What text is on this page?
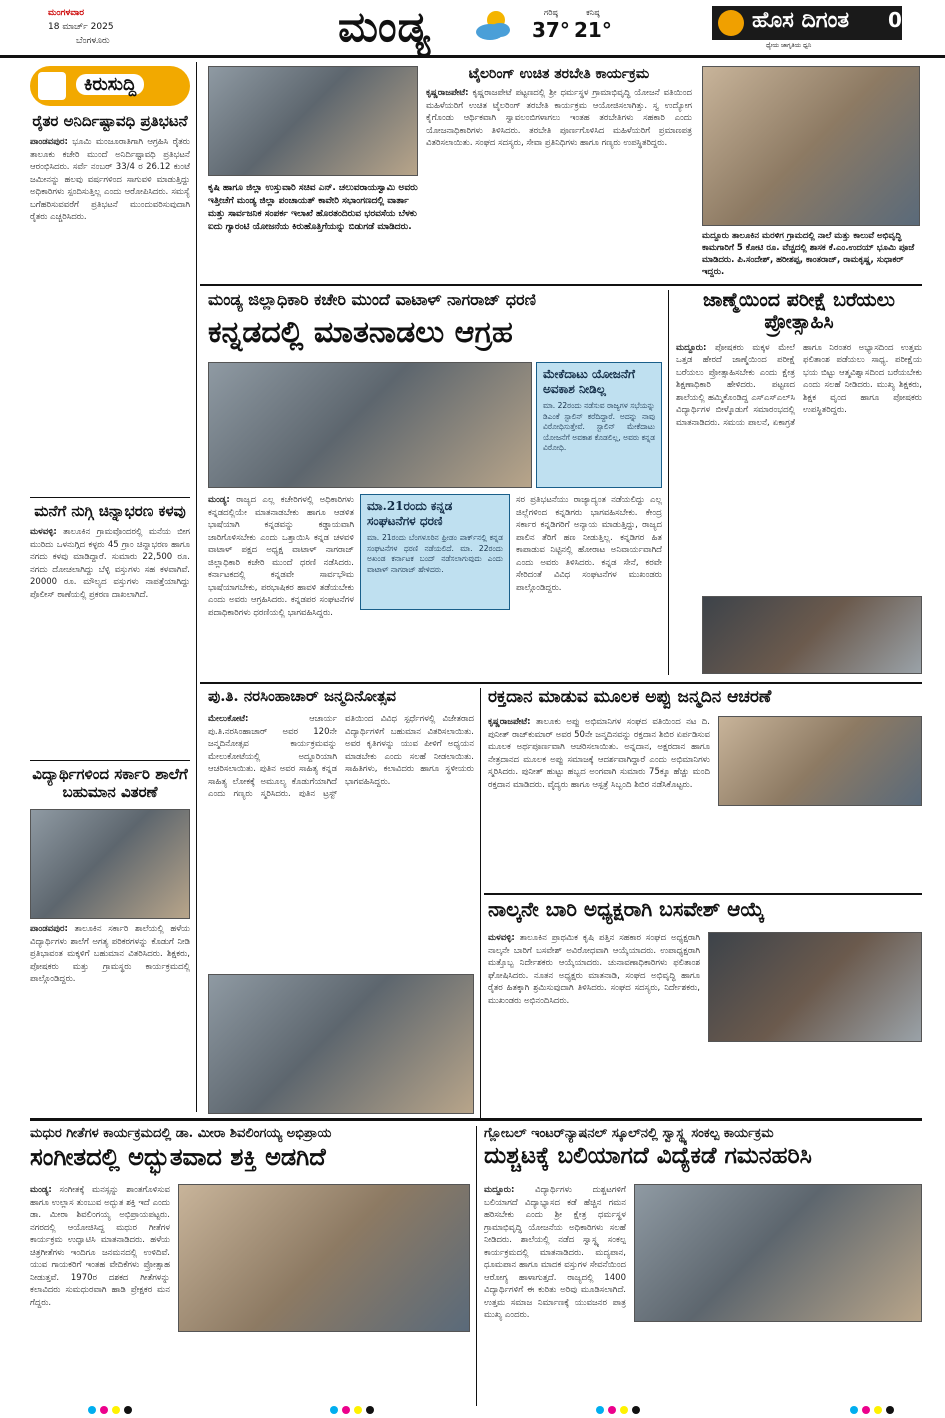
ಮಂಗಳವಾರ
18 ಮಾರ್ಚ್ 2025
ಬೆಂಗಳೂರು	ಮಂಡ್ಯ	ಗರಿಷ್ಠ
37°
ಕನಿಷ್ಠ
21°	ಹೊಸ ದಿಗಂತ	02
ಧ್ಯೇಯ ಜಾಗೃತಿಯ ಧ್ವನಿ
ಕಿರುಸುದ್ದಿ
ರೈತರ ಅನಿರ್ದಿಷ್ಟಾವಧಿ ಪ್ರತಿಭಟನೆ
ಪಾಂಡವಪುರ: ಭೂಮಿ ಮಂಜೂರಾತಿಗಾಗಿ ಆಗ್ರಹಿಸಿ ರೈತರು ತಾಲೂಕು ಕಚೇರಿ ಮುಂದೆ ಅನಿರ್ದಿಷ್ಟಾವಧಿ ಪ್ರತಿಭಟನೆ ಆರಂಭಿಸಿದರು. ಸರ್ವೆ ನಂಬರ್ 33/4 ರ 26.12 ಕುಂಟೆ ಜಮೀನನ್ನು ಹಲವು ವರ್ಷಗಳಿಂದ ಸಾಗುವಳಿ ಮಾಡುತ್ತಿದ್ದು ಅಧಿಕಾರಿಗಳು ಸ್ಪಂದಿಸುತ್ತಿಲ್ಲ ಎಂದು ಆರೋಪಿಸಿದರು. ಸಮಸ್ಯೆ ಬಗೆಹರಿಸುವವರೆಗೆ ಪ್ರತಿಭಟನೆ ಮುಂದುವರಿಸುವುದಾಗಿ ರೈತರು ಎಚ್ಚರಿಸಿದರು.
ಮನೆಗೆ ನುಗ್ಗಿ ಚಿನ್ನಾಭರಣ ಕಳವು
ಮಳವಳ್ಳಿ: ತಾಲೂಕಿನ ಗ್ರಾಮವೊಂದರಲ್ಲಿ ಮನೆಯ ಬೀಗ ಮುರಿದು ಒಳನುಗ್ಗಿದ ಕಳ್ಳರು 45 ಗ್ರಾಂ ಚಿನ್ನಾಭರಣ ಹಾಗೂ ನಗದು ಕಳವು ಮಾಡಿದ್ದಾರೆ. ಸುಮಾರು 22,500 ರೂ. ನಗದು ದೋಚಲಾಗಿದ್ದು ಬೆಳ್ಳಿ ವಸ್ತುಗಳು ಸಹ ಕಳವಾಗಿವೆ. 20000 ರೂ. ಮೌಲ್ಯದ ವಸ್ತುಗಳು ನಾಪತ್ತೆಯಾಗಿದ್ದು ಪೊಲೀಸ್ ಠಾಣೆಯಲ್ಲಿ ಪ್ರಕರಣ ದಾಖಲಾಗಿದೆ.
ವಿದ್ಯಾರ್ಥಿಗಳಿಂದ ಸರ್ಕಾರಿ ಶಾಲೆಗೆ ಬಹುಮಾನ ವಿತರಣೆ
ಪಾಂಡವಪುರ: ತಾಲೂಕಿನ ಸರ್ಕಾರಿ ಶಾಲೆಯಲ್ಲಿ ಹಳೆಯ ವಿದ್ಯಾರ್ಥಿಗಳು ಶಾಲೆಗೆ ಅಗತ್ಯ ಪರಿಕರಗಳನ್ನು ಕೊಡುಗೆ ನೀಡಿ ಪ್ರತಿಭಾವಂತ ಮಕ್ಕಳಿಗೆ ಬಹುಮಾನ ವಿತರಿಸಿದರು. ಶಿಕ್ಷಕರು, ಪೋಷಕರು ಮತ್ತು ಗ್ರಾಮಸ್ಥರು ಕಾರ್ಯಕ್ರಮದಲ್ಲಿ ಪಾಲ್ಗೊಂಡಿದ್ದರು.
ಕೃಷಿ ಹಾಗೂ ಜಿಲ್ಲಾ ಉಸ್ತುವಾರಿ ಸಚಿವ ಎನ್. ಚಲುವರಾಯಸ್ವಾಮಿ ಅವರು ಇತ್ತೀಚೆಗೆ ಮಂಡ್ಯ ಜಿಲ್ಲಾ ಪಂಚಾಯತ್ ಕಾವೇರಿ ಸಭಾಂಗಣದಲ್ಲಿ ವಾರ್ತಾ ಮತ್ತು ಸಾರ್ವಜನಿಕ ಸಂಪರ್ಕ ಇಲಾಖೆ ಹೊರತಂದಿರುವ ಭರವಸೆಯ ಬೆಳಕು ಐದು ಗ್ಯಾರಂಟಿ ಯೋಜನೆಯ ಕಿರುಹೊತ್ತಿಗೆಯನ್ನು ಬಿಡುಗಡೆ ಮಾಡಿದರು.
ಟೈಲರಿಂಗ್ ಉಚಿತ ತರಬೇತಿ ಕಾರ್ಯಕ್ರಮ
ಕೃಷ್ಣರಾಜಪೇಟೆ: ಕೃಷ್ಣರಾಜಪೇಟೆ ಪಟ್ಟಣದಲ್ಲಿ ಶ್ರೀ ಧರ್ಮಸ್ಥಳ ಗ್ರಾಮಾಭಿವೃದ್ಧಿ ಯೋಜನೆ ವತಿಯಿಂದ ಮಹಿಳೆಯರಿಗೆ ಉಚಿತ ಟೈಲರಿಂಗ್ ತರಬೇತಿ ಕಾರ್ಯಕ್ರಮ ಆಯೋಜಿಸಲಾಗಿತ್ತು. ಸ್ವ ಉದ್ಯೋಗ ಕೈಗೊಂಡು ಆರ್ಥಿಕವಾಗಿ ಸ್ವಾವಲಂಬಿಗಳಾಗಲು ಇಂತಹ ತರಬೇತಿಗಳು ಸಹಕಾರಿ ಎಂದು ಯೋಜನಾಧಿಕಾರಿಗಳು ತಿಳಿಸಿದರು. ತರಬೇತಿ ಪೂರ್ಣಗೊಳಿಸಿದ ಮಹಿಳೆಯರಿಗೆ ಪ್ರಮಾಣಪತ್ರ ವಿತರಿಸಲಾಯಿತು. ಸಂಘದ ಸದಸ್ಯರು, ಸೇವಾ ಪ್ರತಿನಿಧಿಗಳು ಹಾಗೂ ಗಣ್ಯರು ಉಪಸ್ಥಿತರಿದ್ದರು.
ಮದ್ದೂರು ತಾಲೂಕಿನ ಮರಳಿಗ ಗ್ರಾಮದಲ್ಲಿ ನಾಲೆ ಮತ್ತು ಕಾಲುವೆ ಅಭಿವೃದ್ಧಿ ಕಾಮಗಾರಿಗೆ 5 ಕೋಟಿ ರೂ. ವೆಚ್ಚದಲ್ಲಿ ಶಾಸಕ ಕೆ.ಎಂ.ಉದಯ್ ಭೂಮಿ ಪೂಜೆ ಮಾಡಿದರು. ಪಿ.ಸಂದೇಶ್, ಹರೀಶಪ್ಪ, ಕಾಂತರಾಜ್, ರಾಮಕೃಷ್ಣ, ಸುಧಾಕರ್ ಇದ್ದರು.
ಮಂಡ್ಯ ಜಿಲ್ಲಾಧಿಕಾರಿ ಕಚೇರಿ ಮುಂದೆ ವಾಟಾಳ್ ನಾಗರಾಜ್ ಧರಣಿ
ಕನ್ನಡದಲ್ಲಿ ಮಾತನಾಡಲು ಆಗ್ರಹ
ಮೇಕೆದಾಟು ಯೋಜನೆಗೆ ಅವಕಾಶ ನೀಡಿಲ್ಲ
ಮಾ. 22ರಂದು ನಡೆಸುವ ರಾಜ್ಯಗಳ ಸಭೆಯನ್ನು ಡಿಎಂಕೆ ಸ್ಟಾಲಿನ್ ಕರೆದಿದ್ದಾರೆ. ಅದನ್ನು ನಾವು ವಿರೋಧಿಸುತ್ತೇವೆ. ಸ್ಟಾಲಿನ್ ಮೇಕೆದಾಟು ಯೋಜನೆಗೆ ಅವಕಾಶ ಕೊಡಲಿಲ್ಲ, ಅವರು ಕನ್ನಡ ವಿರೋಧಿ.
ಮಂಡ್ಯ: ರಾಜ್ಯದ ಎಲ್ಲ ಕಚೇರಿಗಳಲ್ಲಿ ಅಧಿಕಾರಿಗಳು ಕನ್ನಡದಲ್ಲಿಯೇ ಮಾತನಾಡಬೇಕು ಹಾಗೂ ಆಡಳಿತ ಭಾಷೆಯಾಗಿ ಕನ್ನಡವನ್ನು ಕಡ್ಡಾಯವಾಗಿ ಜಾರಿಗೊಳಿಸಬೇಕು ಎಂದು ಒತ್ತಾಯಿಸಿ ಕನ್ನಡ ಚಳವಳಿ ವಾಟಾಳ್ ಪಕ್ಷದ ಅಧ್ಯಕ್ಷ ವಾಟಾಳ್ ನಾಗರಾಜ್ ಜಿಲ್ಲಾಧಿಕಾರಿ ಕಚೇರಿ ಮುಂದೆ ಧರಣಿ ನಡೆಸಿದರು. ಕರ್ನಾಟಕದಲ್ಲಿ ಕನ್ನಡವೇ ಸಾರ್ವಭೌಮ ಭಾಷೆಯಾಗಬೇಕು, ಪರಭಾಷಿಕರ ಹಾವಳಿ ತಡೆಯಬೇಕು ಎಂದು ಅವರು ಆಗ್ರಹಿಸಿದರು. ಕನ್ನಡಪರ ಸಂಘಟನೆಗಳ ಪದಾಧಿಕಾರಿಗಳು ಧರಣಿಯಲ್ಲಿ ಭಾಗವಹಿಸಿದ್ದರು.
ಮಾ.21ರಂದು ಕನ್ನಡ ಸಂಘಟನೆಗಳ ಧರಣಿ
ಮಾ. 21ರಂದು ಬೆಂಗಳೂರಿನ ಫ್ರೀಡಂ ಪಾರ್ಕ್‌ನಲ್ಲಿ ಕನ್ನಡ ಸಂಘಟನೆಗಳ ಧರಣಿ ನಡೆಯಲಿದೆ. ಮಾ. 22ರಂದು ಅಖಂಡ ಕರ್ನಾಟಕ ಬಂದ್ ನಡೆಸಲಾಗುವುದು ಎಂದು ವಾಟಾಳ್ ನಾಗರಾಜ್ ಹೇಳಿದರು.
ಸರ ಪ್ರತಿಭಟನೆಯು ರಾಜ್ಯಾದ್ಯಂತ ನಡೆಯಲಿದ್ದು ಎಲ್ಲ ಜಿಲ್ಲೆಗಳಿಂದ ಕನ್ನಡಿಗರು ಭಾಗವಹಿಸಬೇಕು. ಕೇಂದ್ರ ಸರ್ಕಾರ ಕನ್ನಡಿಗರಿಗೆ ಅನ್ಯಾಯ ಮಾಡುತ್ತಿದ್ದು, ರಾಜ್ಯದ ಪಾಲಿನ ತೆರಿಗೆ ಹಣ ನೀಡುತ್ತಿಲ್ಲ. ಕನ್ನಡಿಗರ ಹಿತ ಕಾಪಾಡುವ ನಿಟ್ಟಿನಲ್ಲಿ ಹೋರಾಟ ಅನಿವಾರ್ಯವಾಗಿದೆ ಎಂದು ಅವರು ತಿಳಿಸಿದರು. ಕನ್ನಡ ಸೇನೆ, ಕರವೇ ಸೇರಿದಂತೆ ವಿವಿಧ ಸಂಘಟನೆಗಳ ಮುಖಂಡರು ಪಾಲ್ಗೊಂಡಿದ್ದರು.
ಜಾಣ್ಮೆಯಿಂದ ಪರೀಕ್ಷೆ ಬರೆಯಲು ಪ್ರೋತ್ಸಾಹಿಸಿ
ಮದ್ದೂರು: ಪೋಷಕರು ಮಕ್ಕಳ ಮೇಲೆ ಒತ್ತಡ ಹೇರದೆ ಜಾಣ್ಮೆಯಿಂದ ಪರೀಕ್ಷೆ ಬರೆಯಲು ಪ್ರೋತ್ಸಾಹಿಸಬೇಕು ಎಂದು ಕ್ಷೇತ್ರ ಶಿಕ್ಷಣಾಧಿಕಾರಿ ಹೇಳಿದರು. ಪಟ್ಟಣದ ಶಾಲೆಯಲ್ಲಿ ಹಮ್ಮಿಕೊಂಡಿದ್ದ ಎಸ್ಎಸ್ಎಲ್‌ಸಿ ವಿದ್ಯಾರ್ಥಿಗಳ ಬೀಳ್ಕೊಡುಗೆ ಸಮಾರಂಭದಲ್ಲಿ ಮಾತನಾಡಿದರು. ಸಮಯ ಪಾಲನೆ, ಏಕಾಗ್ರತೆ ಹಾಗೂ ನಿರಂತರ ಅಭ್ಯಾಸದಿಂದ ಉತ್ತಮ ಫಲಿತಾಂಶ ಪಡೆಯಲು ಸಾಧ್ಯ. ಪರೀಕ್ಷೆಯ ಭಯ ಬಿಟ್ಟು ಆತ್ಮವಿಶ್ವಾಸದಿಂದ ಬರೆಯಬೇಕು ಎಂದು ಸಲಹೆ ನೀಡಿದರು. ಮುಖ್ಯ ಶಿಕ್ಷಕರು, ಶಿಕ್ಷಕ ವೃಂದ ಹಾಗೂ ಪೋಷಕರು ಉಪಸ್ಥಿತರಿದ್ದರು.
ಪು.ತಿ. ನರಸಿಂಹಾಚಾರ್ ಜನ್ಮದಿನೋತ್ಸವ
ಮೇಲುಕೋಟೆ:	ಆಚಾರ್ಯ ಪು.ತಿ.ನರಸಿಂಹಾಚಾರ್ ಅವರ 120ನೇ ಜನ್ಮದಿನೋತ್ಸವ ಕಾರ್ಯಕ್ರಮವನ್ನು ಮೇಲುಕೋಟೆಯಲ್ಲಿ ಅದ್ದೂರಿಯಾಗಿ ಆಚರಿಸಲಾಯಿತು. ಪುತಿನ ಅವರ ಸಾಹಿತ್ಯ ಕನ್ನಡ ಸಾಹಿತ್ಯ ಲೋಕಕ್ಕೆ ಅಮೂಲ್ಯ ಕೊಡುಗೆಯಾಗಿದೆ ಎಂದು ಗಣ್ಯರು ಸ್ಮರಿಸಿದರು. ಪುತಿನ ಟ್ರಸ್ಟ್ ವತಿಯಿಂದ ವಿವಿಧ ಸ್ಪರ್ಧೆಗಳಲ್ಲಿ ವಿಜೇತರಾದ ವಿದ್ಯಾರ್ಥಿಗಳಿಗೆ ಬಹುಮಾನ ವಿತರಿಸಲಾಯಿತು. ಅವರ ಕೃತಿಗಳನ್ನು ಯುವ ಪೀಳಿಗೆ ಅಧ್ಯಯನ ಮಾಡಬೇಕು ಎಂದು ಸಲಹೆ ನೀಡಲಾಯಿತು. ಸಾಹಿತಿಗಳು, ಕಲಾವಿದರು ಹಾಗೂ ಸ್ಥಳೀಯರು ಭಾಗವಹಿಸಿದ್ದರು.
ರಕ್ತದಾನ ಮಾಡುವ ಮೂಲಕ ಅಪ್ಪು ಜನ್ಮದಿನ ಆಚರಣೆ
ಕೃಷ್ಣರಾಜಪೇಟೆ: ತಾಲೂಕು ಅಪ್ಪು ಅಭಿಮಾನಿಗಳ ಸಂಘದ ವತಿಯಿಂದ ನಟ ದಿ. ಪುನೀತ್ ರಾಜ್‌ಕುಮಾರ್ ಅವರ 50ನೇ ಜನ್ಮದಿನವನ್ನು ರಕ್ತದಾನ ಶಿಬಿರ ಏರ್ಪಡಿಸುವ ಮೂಲಕ ಅರ್ಥಪೂರ್ಣವಾಗಿ ಆಚರಿಸಲಾಯಿತು. ಅನ್ನದಾನ, ಅಕ್ಷರದಾನ ಹಾಗೂ ನೇತ್ರದಾನದ ಮೂಲಕ ಅಪ್ಪು ಸಮಾಜಕ್ಕೆ ಆದರ್ಶವಾಗಿದ್ದಾರೆ ಎಂದು ಅಭಿಮಾನಿಗಳು ಸ್ಮರಿಸಿದರು. ಪುನೀತ್ ಹುಟ್ಟು ಹಬ್ಬದ ಅಂಗವಾಗಿ ಸುಮಾರು 75ಕ್ಕೂ ಹೆಚ್ಚು ಮಂದಿ ರಕ್ತದಾನ ಮಾಡಿದರು. ವೈದ್ಯರು ಹಾಗೂ ಆಸ್ಪತ್ರೆ ಸಿಬ್ಬಂದಿ ಶಿಬಿರ ನಡೆಸಿಕೊಟ್ಟರು.
ನಾಲ್ಕನೇ ಬಾರಿ ಅಧ್ಯಕ್ಷರಾಗಿ ಬಸವೇಶ್ ಆಯ್ಕೆ
ಮಳವಳ್ಳಿ: ತಾಲೂಕಿನ ಪ್ರಾಥಮಿಕ ಕೃಷಿ ಪತ್ತಿನ ಸಹಕಾರ ಸಂಘದ ಅಧ್ಯಕ್ಷರಾಗಿ ನಾಲ್ಕನೇ ಬಾರಿಗೆ ಬಸವೇಶ್ ಅವಿರೋಧವಾಗಿ ಆಯ್ಕೆಯಾದರು. ಉಪಾಧ್ಯಕ್ಷರಾಗಿ ಮತ್ತೊಬ್ಬ ನಿರ್ದೇಶಕರು ಆಯ್ಕೆಯಾದರು. ಚುನಾವಣಾಧಿಕಾರಿಗಳು ಫಲಿತಾಂಶ ಘೋಷಿಸಿದರು. ನೂತನ ಅಧ್ಯಕ್ಷರು ಮಾತನಾಡಿ, ಸಂಘದ ಅಭಿವೃದ್ಧಿ ಹಾಗೂ ರೈತರ ಹಿತಕ್ಕಾಗಿ ಶ್ರಮಿಸುವುದಾಗಿ ತಿಳಿಸಿದರು. ಸಂಘದ ಸದಸ್ಯರು, ನಿರ್ದೇಶಕರು, ಮುಖಂಡರು ಅಭಿನಂದಿಸಿದರು.
ಮಧುರ ಗೀತೆಗಳ ಕಾರ್ಯಕ್ರಮದಲ್ಲಿ ಡಾ. ಮೀರಾ ಶಿವಲಿಂಗಯ್ಯ ಅಭಿಪ್ರಾಯ
ಸಂಗೀತದಲ್ಲಿ ಅದ್ಭುತವಾದ ಶಕ್ತಿ ಅಡಗಿದೆ
ಮಂಡ್ಯ: ಸಂಗೀತಕ್ಕೆ ಮನಸ್ಸನ್ನು ಶಾಂತಗೊಳಿಸುವ ಹಾಗೂ ಉಲ್ಲಾಸ ತುಂಬುವ ಅದ್ಭುತ ಶಕ್ತಿ ಇದೆ ಎಂದು ಡಾ. ಮೀರಾ ಶಿವಲಿಂಗಯ್ಯ ಅಭಿಪ್ರಾಯಪಟ್ಟರು. ನಗರದಲ್ಲಿ ಆಯೋಜಿಸಿದ್ದ ಮಧುರ ಗೀತೆಗಳ ಕಾರ್ಯಕ್ರಮ ಉದ್ಘಾಟಿಸಿ ಮಾತನಾಡಿದರು. ಹಳೆಯ ಚಿತ್ರಗೀತೆಗಳು ಇಂದಿಗೂ ಜನಮನದಲ್ಲಿ ಉಳಿದಿವೆ. ಯುವ ಗಾಯಕರಿಗೆ ಇಂತಹ ವೇದಿಕೆಗಳು ಪ್ರೋತ್ಸಾಹ ನೀಡುತ್ತವೆ. 1970ರ ದಶಕದ ಗೀತೆಗಳನ್ನು ಕಲಾವಿದರು ಸುಮಧುರವಾಗಿ ಹಾಡಿ ಪ್ರೇಕ್ಷಕರ ಮನ ಗೆದ್ದರು.
ಗ್ಲೋಬಲ್ ಇಂಟರ್‌ನ್ಯಾಷನಲ್ ಸ್ಕೂಲ್‌ನಲ್ಲಿ ಸ್ವಾಸ್ಥ್ಯ ಸಂಕಲ್ಪ ಕಾರ್ಯಕ್ರಮ
ದುಶ್ಚಟಕ್ಕೆ ಬಲಿಯಾಗದೆ ವಿದ್ಯೆಕಡೆ ಗಮನಹರಿಸಿ
ಮದ್ದೂರು: ವಿದ್ಯಾರ್ಥಿಗಳು ದುಶ್ಚಟಗಳಿಗೆ ಬಲಿಯಾಗದೆ ವಿದ್ಯಾಭ್ಯಾಸದ ಕಡೆ ಹೆಚ್ಚಿನ ಗಮನ ಹರಿಸಬೇಕು ಎಂದು ಶ್ರೀ ಕ್ಷೇತ್ರ ಧರ್ಮಸ್ಥಳ ಗ್ರಾಮಾಭಿವೃದ್ಧಿ ಯೋಜನೆಯ ಅಧಿಕಾರಿಗಳು ಸಲಹೆ ನೀಡಿದರು. ಶಾಲೆಯಲ್ಲಿ ನಡೆದ ಸ್ವಾಸ್ಥ್ಯ ಸಂಕಲ್ಪ ಕಾರ್ಯಕ್ರಮದಲ್ಲಿ ಮಾತನಾಡಿದರು. ಮದ್ಯಪಾನ, ಧೂಮಪಾನ ಹಾಗೂ ಮಾದಕ ವಸ್ತುಗಳ ಸೇವನೆಯಿಂದ ಆರೋಗ್ಯ ಹಾಳಾಗುತ್ತದೆ. ರಾಜ್ಯದಲ್ಲಿ 1400 ವಿದ್ಯಾರ್ಥಿಗಳಿಗೆ ಈ ಕುರಿತು ಅರಿವು ಮೂಡಿಸಲಾಗಿದೆ. ಉತ್ತಮ ಸಮಾಜ ನಿರ್ಮಾಣಕ್ಕೆ ಯುವಜನರ ಪಾತ್ರ ಮುಖ್ಯ ಎಂದರು.
